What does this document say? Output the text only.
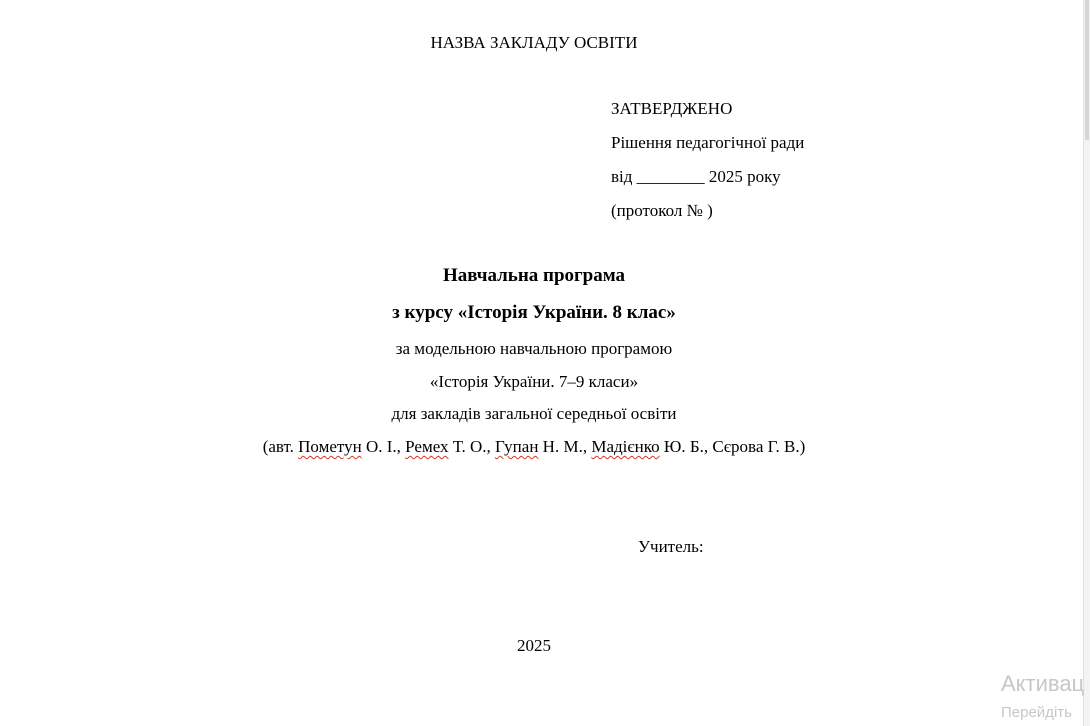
НАЗВА ЗАКЛАДУ ОСВІТИ
ЗАТВЕРДЖЕНО
Рішення педагогічної ради
від ________ 2025 року
(протокол № )
Навчальна програма
з курсу «Історія України. 8 клас»
за модельною навчальною програмою
«Історія України. 7–9 класи»
для закладів загальної середньої освіти
(авт. Пометун О. І., Ремех Т. О., Гупан Н. М., Мадієнко Ю. Б., Сєрова Г. В.)
Учитель:
2025
Активац
Перейдіть
